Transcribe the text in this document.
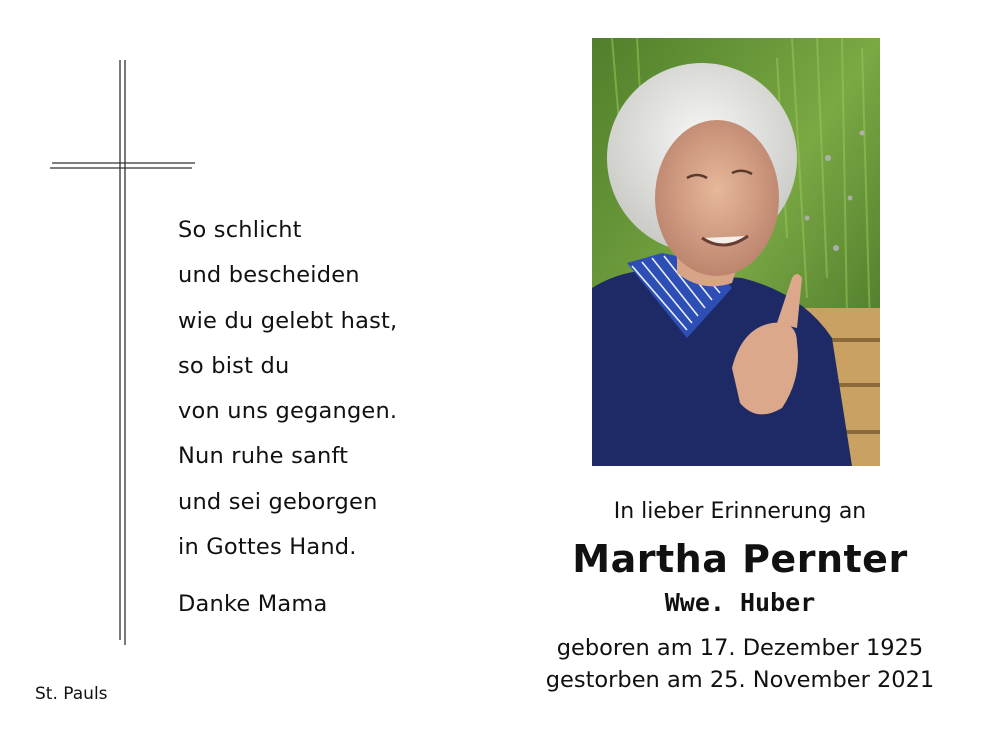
So schlicht
und bescheiden
wie du gelebt hast,
so bist du
von uns gegangen.
Nun ruhe sanft
und sei geborgen
in Gottes Hand.
Danke Mama
St. Pauls
In lieber Erinnerung an
Martha Pernter
Wwe. Huber
geboren am 17. Dezember 1925
gestorben am 25. November 2021
